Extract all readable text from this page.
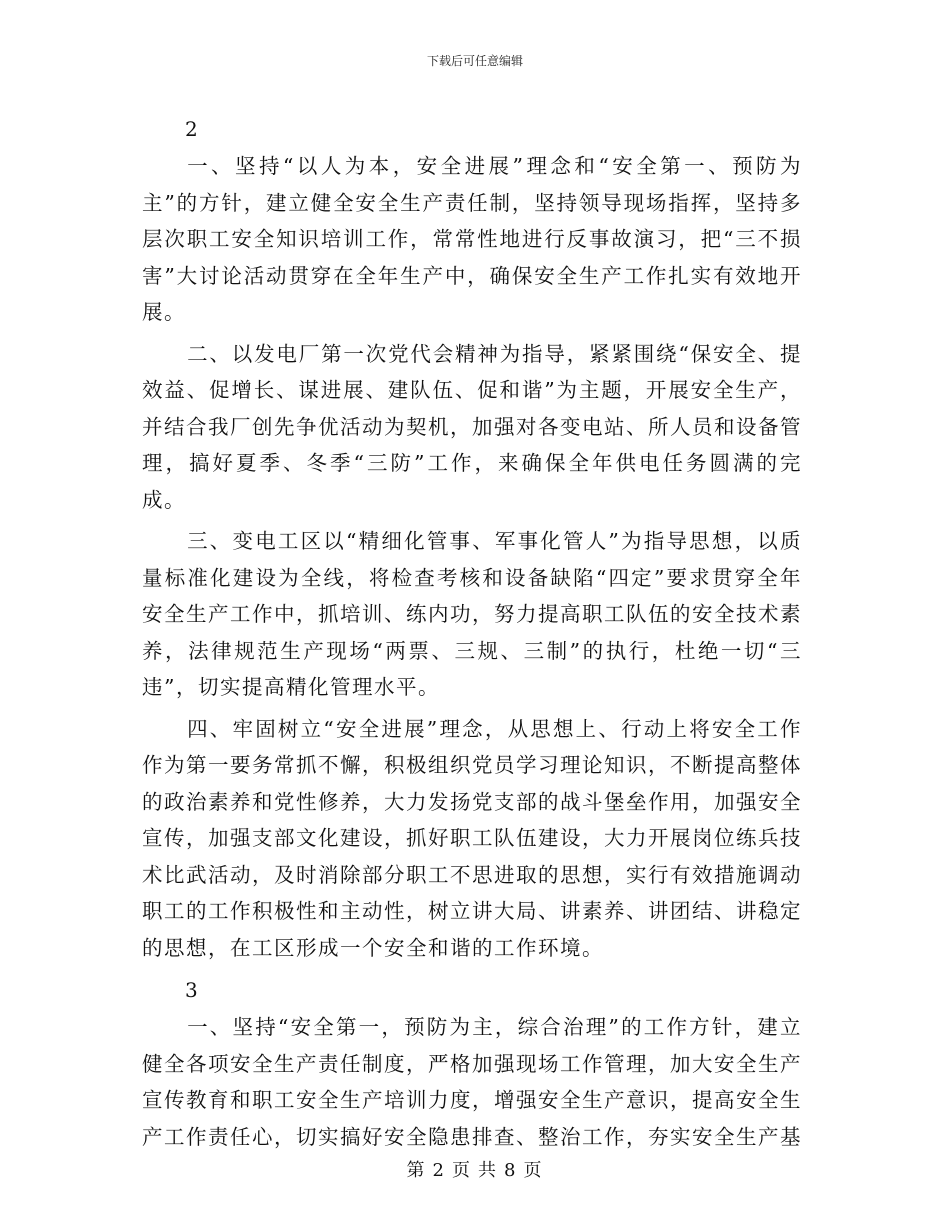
下载后可任意编辑
2

一、坚持“以人为本，安全进展”理念和“安全第一、预防为主”的方针，建立健全安全生产责任制，坚持领导现场指挥，坚持多层次职工安全知识培训工作，常常性地进行反事故演习，把“三不损害”大讨论活动贯穿在全年生产中，确保安全生产工作扎实有效地开展。

二、以发电厂第一次党代会精神为指导，紧紧围绕“保安全、提效益、促增长、谋进展、建队伍、促和谐”为主题，开展安全生产，并结合我厂创先争优活动为契机，加强对各变电站、所人员和设备管理，搞好夏季、冬季“三防”工作，来确保全年供电任务圆满的完成。

三、变电工区以“精细化管事、军事化管人”为指导思想，以质量标准化建设为全线，将检查考核和设备缺陷“四定”要求贯穿全年安全生产工作中，抓培训、练内功，努力提高职工队伍的安全技术素养，法律规范生产现场“两票、三规、三制”的执行，杜绝一切“三违”，切实提高精化管理水平。

四、牢固树立“安全进展”理念，从思想上、行动上将安全工作作为第一要务常抓不懈，积极组织党员学习理论知识，不断提高整体的政治素养和党性修养，大力发扬党支部的战斗堡垒作用，加强安全宣传，加强支部文化建设，抓好职工队伍建设，大力开展岗位练兵技术比武活动，及时消除部分职工不思进取的思想，实行有效措施调动职工的工作积极性和主动性，树立讲大局、讲素养、讲团结、讲稳定的思想，在工区形成一个安全和谐的工作环境。

3

一、坚持“安全第一，预防为主，综合治理”的工作方针，建立健全各项安全生产责任制度，严格加强现场工作管理，加大安全生产宣传教育和职工安全生产培训力度，增强安全生产意识，提高安全生产工作责任心，切实搞好安全隐患排查、整治工作，夯实安全生产基

第 2 页 共 8 页
